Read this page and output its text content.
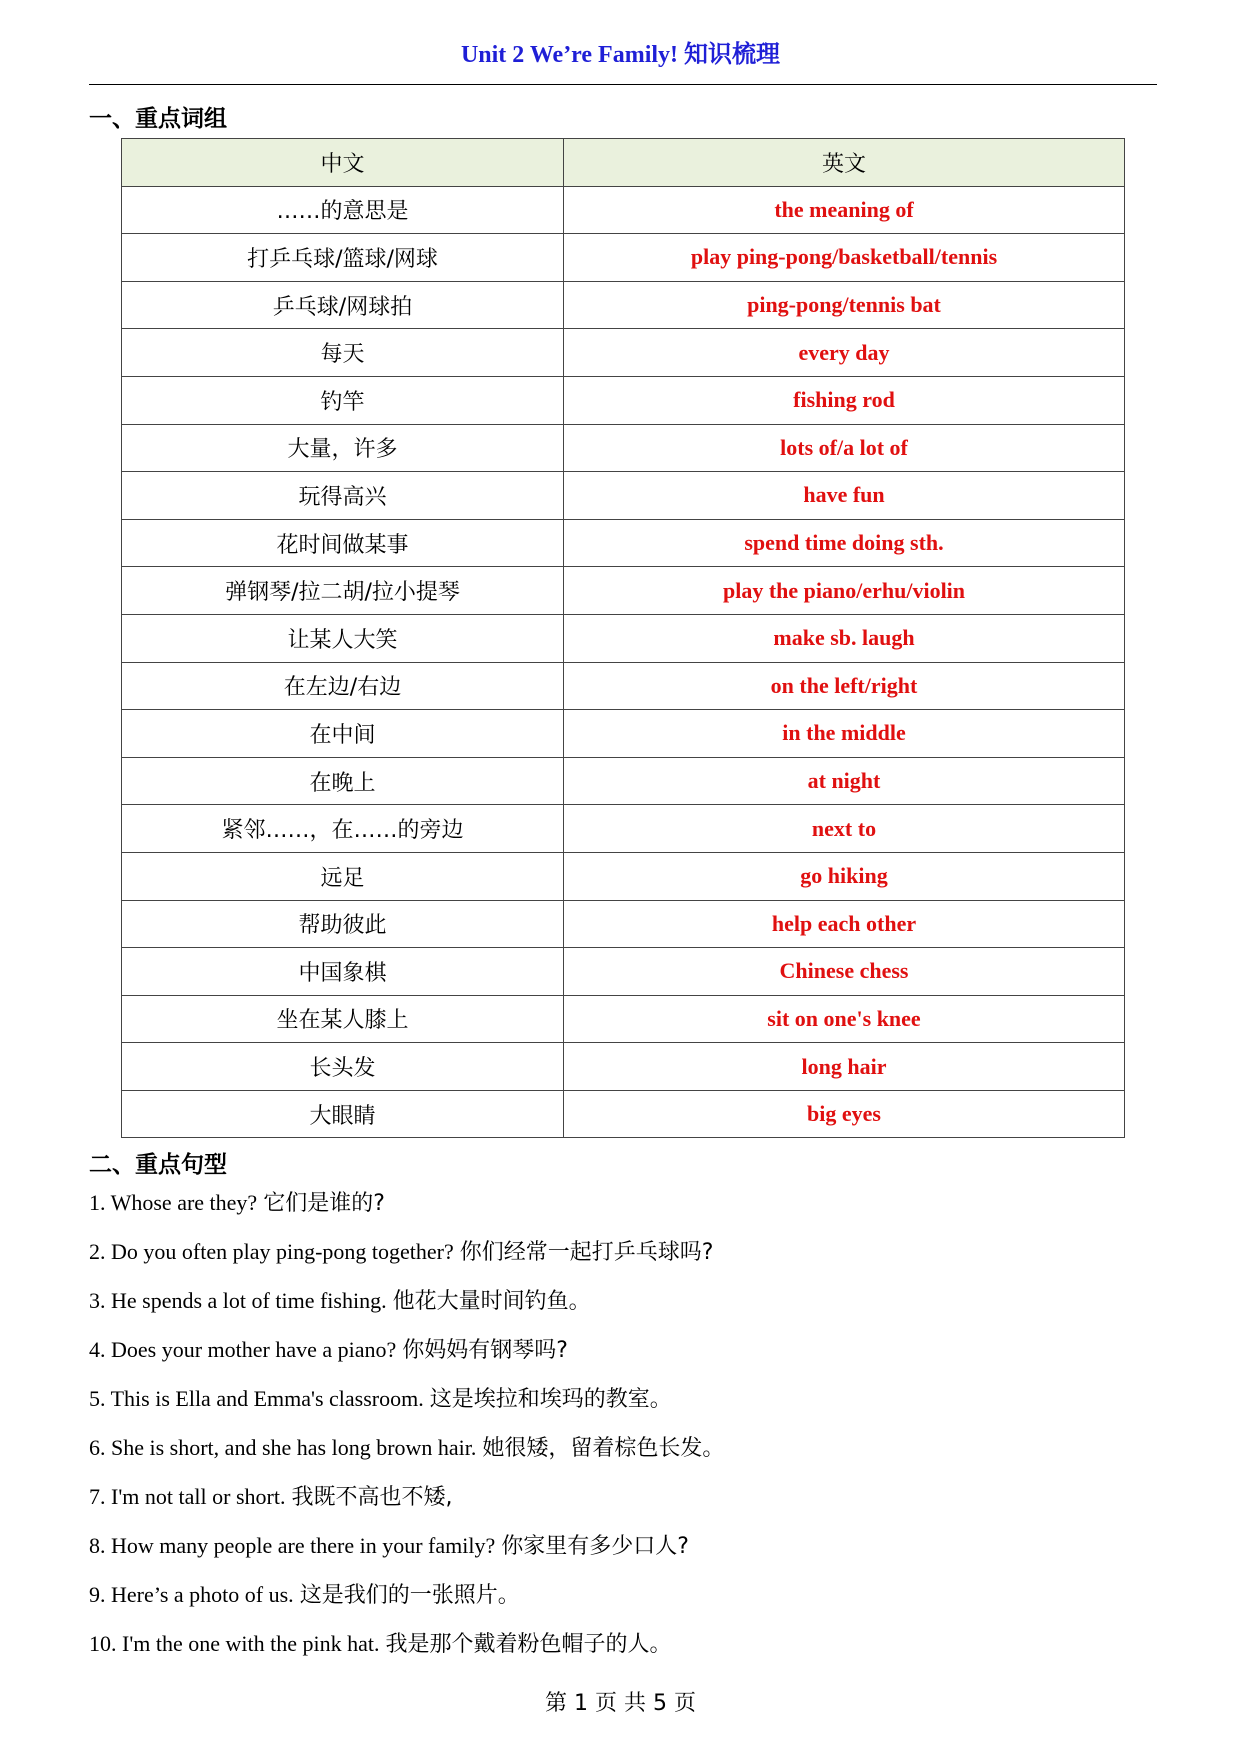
Unit 2 We’re Family! 知识梳理
一、重点词组
中文	英文
……的意思是	the meaning of
打乒乓球/篮球/网球	play ping-pong/basketball/tennis
乒乓球/网球拍	ping-pong/tennis bat
每天	every day
钓竿	fishing rod
大量，许多	lots of/a lot of
玩得高兴	have fun
花时间做某事	spend time doing sth.
弹钢琴/拉二胡/拉小提琴	play the piano/erhu/violin
让某人大笑	make sb. laugh
在左边/右边	on the left/right
在中间	in the middle
在晚上	at night
紧邻……，在……的旁边	next to
远足	go hiking
帮助彼此	help each other
中国象棋	Chinese chess
坐在某人膝上	sit on one's knee
长头发	long hair
大眼睛	big eyes
二、重点句型
1. Whose are they? 它们是谁的?
2. Do you often play ping-pong together? 你们经常一起打乒乓球吗?
3. He spends a lot of time fishing. 他花大量时间钓鱼。
4. Does your mother have a piano? 你妈妈有钢琴吗?
5. This is Ella and Emma's classroom. 这是埃拉和埃玛的教室。
6. She is short, and she has long brown hair. 她很矮，留着棕色长发。
7. I'm not tall or short. 我既不高也不矮,
8. How many people are there in your family? 你家里有多少口人?
9. Here’s a photo of us. 这是我们的一张照片。
10. I'm the one with the pink hat. 我是那个戴着粉色帽子的人。
第 1 页 共 5 页
